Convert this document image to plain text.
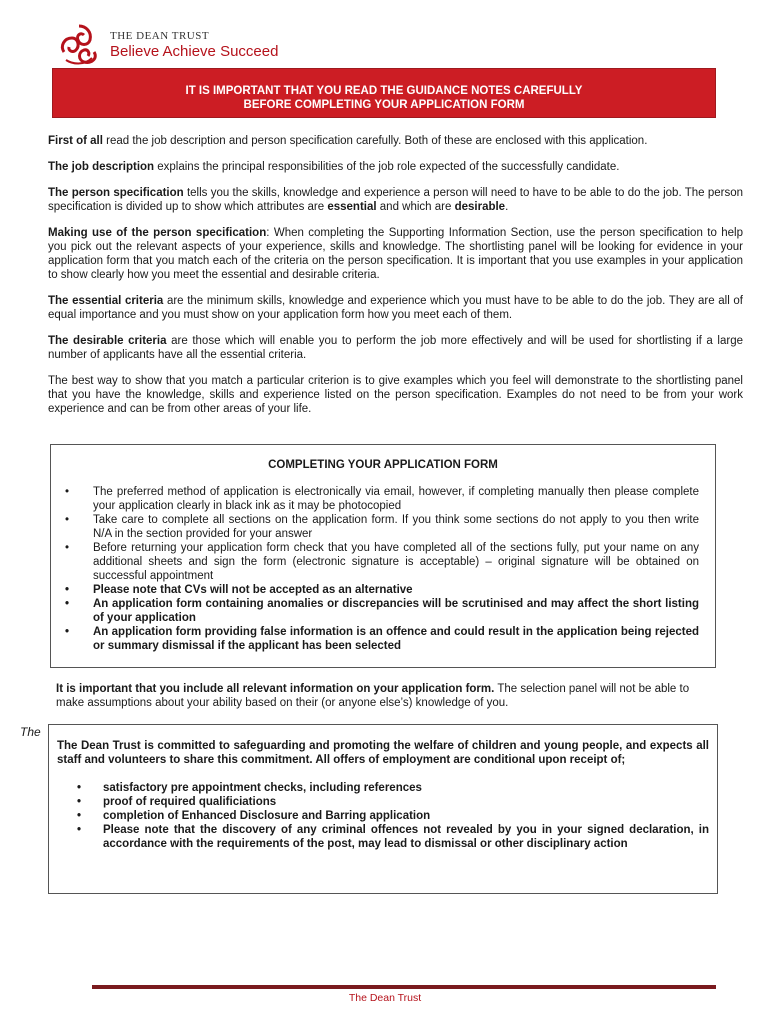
THE DEAN TRUST
Believe Achieve Succeed
IT IS IMPORTANT THAT YOU READ THE GUIDANCE NOTES CAREFULLY
BEFORE COMPLETING YOUR APPLICATION FORM

First of all read the job description and person specification carefully. Both of these are enclosed with this application.

The job description explains the principal responsibilities of the job role expected of the successfully candidate.

The person specification tells you the skills, knowledge and experience a person will need to have to be able to do the job. The person specification is divided up to show which attributes are essential and which are desirable.

Making use of the person specification: When completing the Supporting Information Section, use the person specification to help you pick out the relevant aspects of your experience, skills and knowledge. The shortlisting panel will be looking for evidence in your application form that you match each of the criteria on the person specification. It is important that you use examples in your application to show clearly how you meet the essential and desirable criteria.

The essential criteria are the minimum skills, knowledge and experience which you must have to be able to do the job. They are all of equal importance and you must show on your application form how you meet each of them.

The desirable criteria are those which will enable you to perform the job more effectively and will be used for shortlisting if a large number of applicants have all the essential criteria.

The best way to show that you match a particular criterion is to give examples which you feel will demonstrate to the shortlisting panel that you have the knowledge, skills and experience listed on the person specification. Examples do not need to be from your work experience and can be from other areas of your life.

COMPLETING YOUR APPLICATION FORM
• The preferred method of application is electronically via email, however, if completing manually then please complete your application clearly in black ink as it may be photocopied
• Take care to complete all sections on the application form. If you think some sections do not apply to you then write N/A in the section provided for your answer
• Before returning your application form check that you have completed all of the sections fully, put your name on any additional sheets and sign the form (electronic signature is acceptable) – original signature will be obtained on successful appointment
• Please note that CVs will not be accepted as an alternative
• An application form containing anomalies or discrepancies will be scrutinised and may affect the short listing of your application
• An application form providing false information is an offence and could result in the application being rejected or summary dismissal if the applicant has been selected
It is important that you include all relevant information on your application form. The selection panel will not be able to make assumptions about your ability based on their (or anyone else’s) knowledge of you.
The
The Dean Trust is committed to safeguarding and promoting the welfare of children and young people, and expects all staff and volunteers to share this commitment. All offers of employment are conditional upon receipt of;
• satisfactory pre appointment checks, including references
• proof of required qualificiations
• completion of Enhanced Disclosure and Barring application
• Please note that the discovery of any criminal offences not revealed by you in your signed declaration, in accordance with the requirements of the post, may lead to dismissal or other disciplinary action
The Dean Trust
